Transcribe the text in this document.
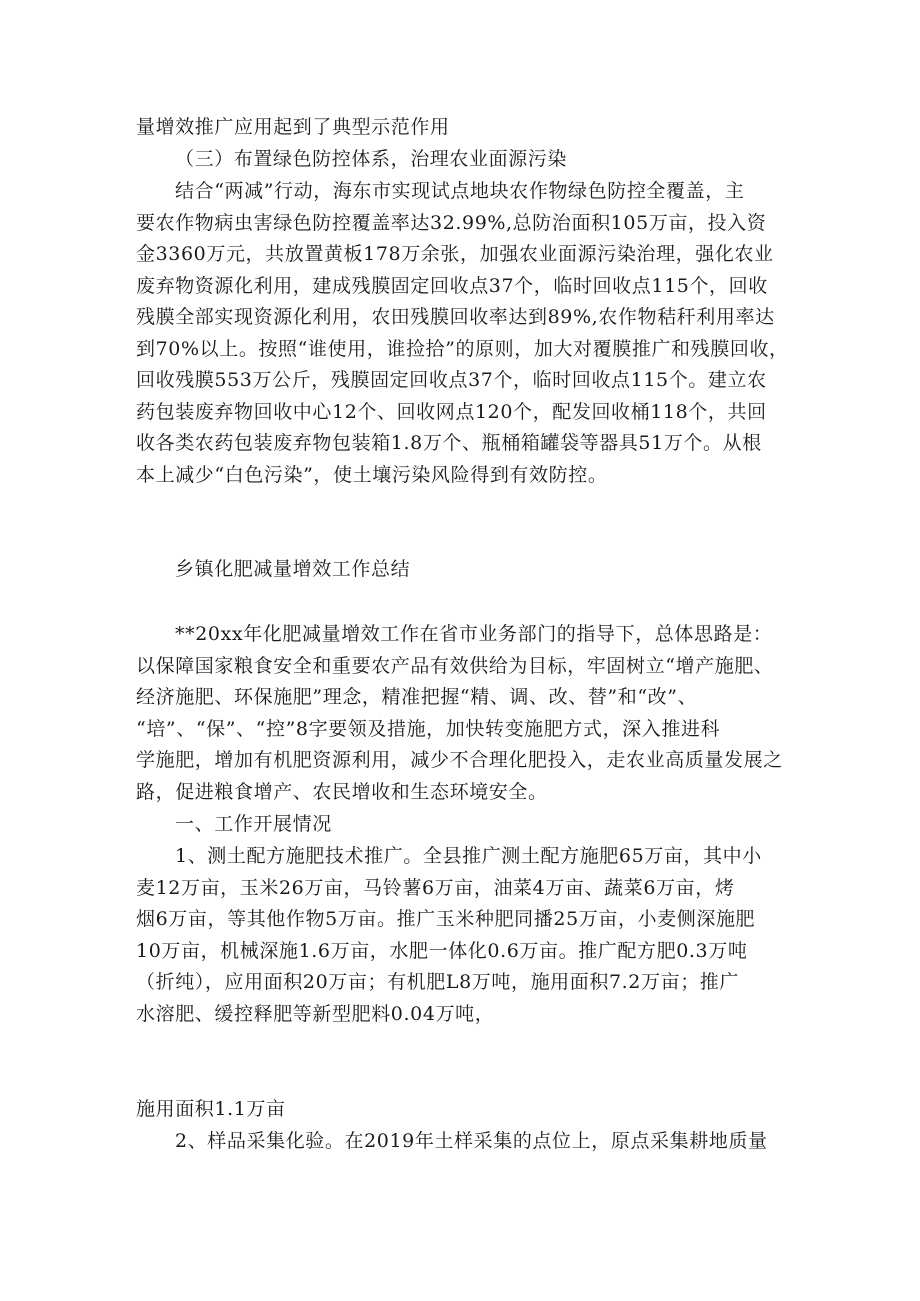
量增效推广应用起到了典型示范作用
（三）布置绿色防控体系，治理农业面源污染
结合“两减”行动，海东市实现试点地块农作物绿色防控全覆盖，主
要农作物病虫害绿色防控覆盖率达32.99%,总防治面积105万亩，投入资
金3360万元，共放置黄板178万余张，加强农业面源污染治理，强化农业
废弃物资源化利用，建成残膜固定回收点37个，临时回收点115个，回收
残膜全部实现资源化利用，农田残膜回收率达到89%,农作物秸秆利用率达
到70%以上。按照“谁使用，谁捡拾”的原则，加大对覆膜推广和残膜回收，
回收残膜553万公斤，残膜固定回收点37个，临时回收点115个。建立农
药包装废弃物回收中心12个、回收网点120个，配发回收桶118个，共回
收各类农药包装废弃物包装箱1.8万个、瓶桶箱罐袋等器具51万个。从根
本上减少“白色污染”，使土壤污染风险得到有效防控。
乡镇化肥减量增效工作总结
**20xx年化肥减量增效工作在省市业务部门的指导下，总体思路是：
以保障国家粮食安全和重要农产品有效供给为目标，牢固树立“增产施肥、
经济施肥、环保施肥”理念，精准把握“精、调、改、替”和“改”、
“培”、“保”、“控”8字要领及措施，加快转变施肥方式，深入推进科
学施肥，增加有机肥资源利用，减少不合理化肥投入，走农业高质量发展之
路，促进粮食增产、农民增收和生态环境安全。
一、工作开展情况
1、测土配方施肥技术推广。全县推广测土配方施肥65万亩，其中小
麦12万亩，玉米26万亩，马铃薯6万亩，油菜4万亩、蔬菜6万亩，烤
烟6万亩，等其他作物5万亩。推广玉米种肥同播25万亩，小麦侧深施肥
10万亩，机械深施1.6万亩，水肥一体化0.6万亩。推广配方肥0.3万吨
（折纯），应用面积20万亩；有机肥L8万吨，施用面积7.2万亩；推广
水溶肥、缓控释肥等新型肥料0.04万吨，
施用面积1.1万亩
2、样品采集化验。在2019年土样采集的点位上，原点采集耕地质量
